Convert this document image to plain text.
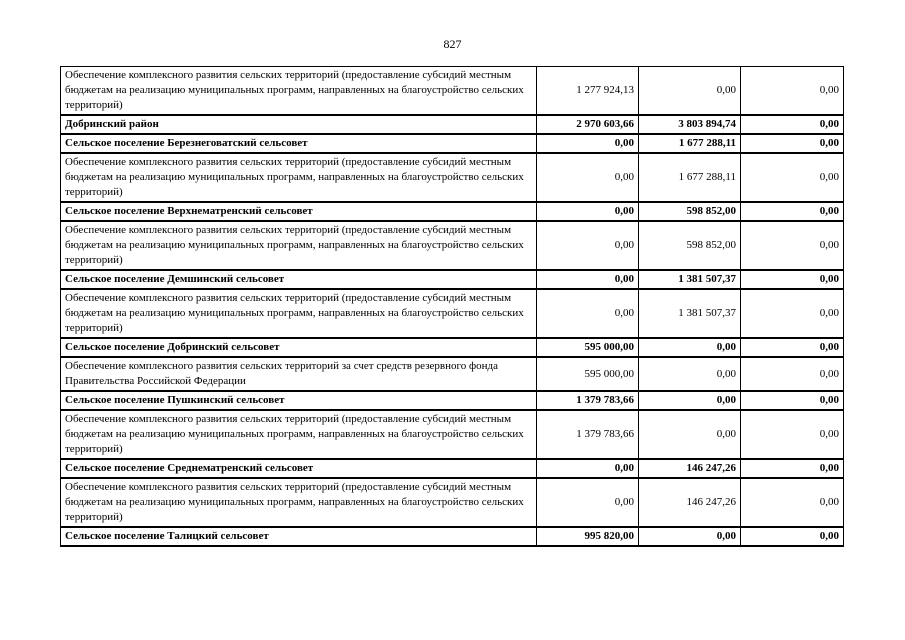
827
Обеспечение комплексного развития сельских территорий (предоставление субсидий местным бюджетам на реализацию муниципальных программ, направленных на благоустройство сельских территорий)	1 277 924,13	0,00	0,00
Добринский район	2 970 603,66	3 803 894,74	0,00
Сельское поселение Березнеговатский сельсовет	0,00	1 677 288,11	0,00
Обеспечение комплексного развития сельских территорий (предоставление субсидий местным бюджетам на реализацию муниципальных программ, направленных на благоустройство сельских территорий)	0,00	1 677 288,11	0,00
Сельское поселение Верхнематренский сельсовет	0,00	598 852,00	0,00
Обеспечение комплексного развития сельских территорий (предоставление субсидий местным бюджетам на реализацию муниципальных программ, направленных на благоустройство сельских территорий)	0,00	598 852,00	0,00
Сельское поселение Демшинский сельсовет	0,00	1 381 507,37	0,00
Обеспечение комплексного развития сельских территорий (предоставление субсидий местным бюджетам на реализацию муниципальных программ, направленных на благоустройство сельских территорий)	0,00	1 381 507,37	0,00
Сельское поселение Добринский сельсовет	595 000,00	0,00	0,00
Обеспечение комплексного развития сельских территорий за счет средств резервного фонда Правительства Российской Федерации	595 000,00	0,00	0,00
Сельское поселение Пушкинский сельсовет	1 379 783,66	0,00	0,00
Обеспечение комплексного развития сельских территорий (предоставление субсидий местным бюджетам на реализацию муниципальных программ, направленных на благоустройство сельских территорий)	1 379 783,66	0,00	0,00
Сельское поселение Среднематренский сельсовет	0,00	146 247,26	0,00
Обеспечение комплексного развития сельских территорий (предоставление субсидий местным бюджетам на реализацию муниципальных программ, направленных на благоустройство сельских территорий)	0,00	146 247,26	0,00
Сельское поселение Талицкий сельсовет	995 820,00	0,00	0,00
